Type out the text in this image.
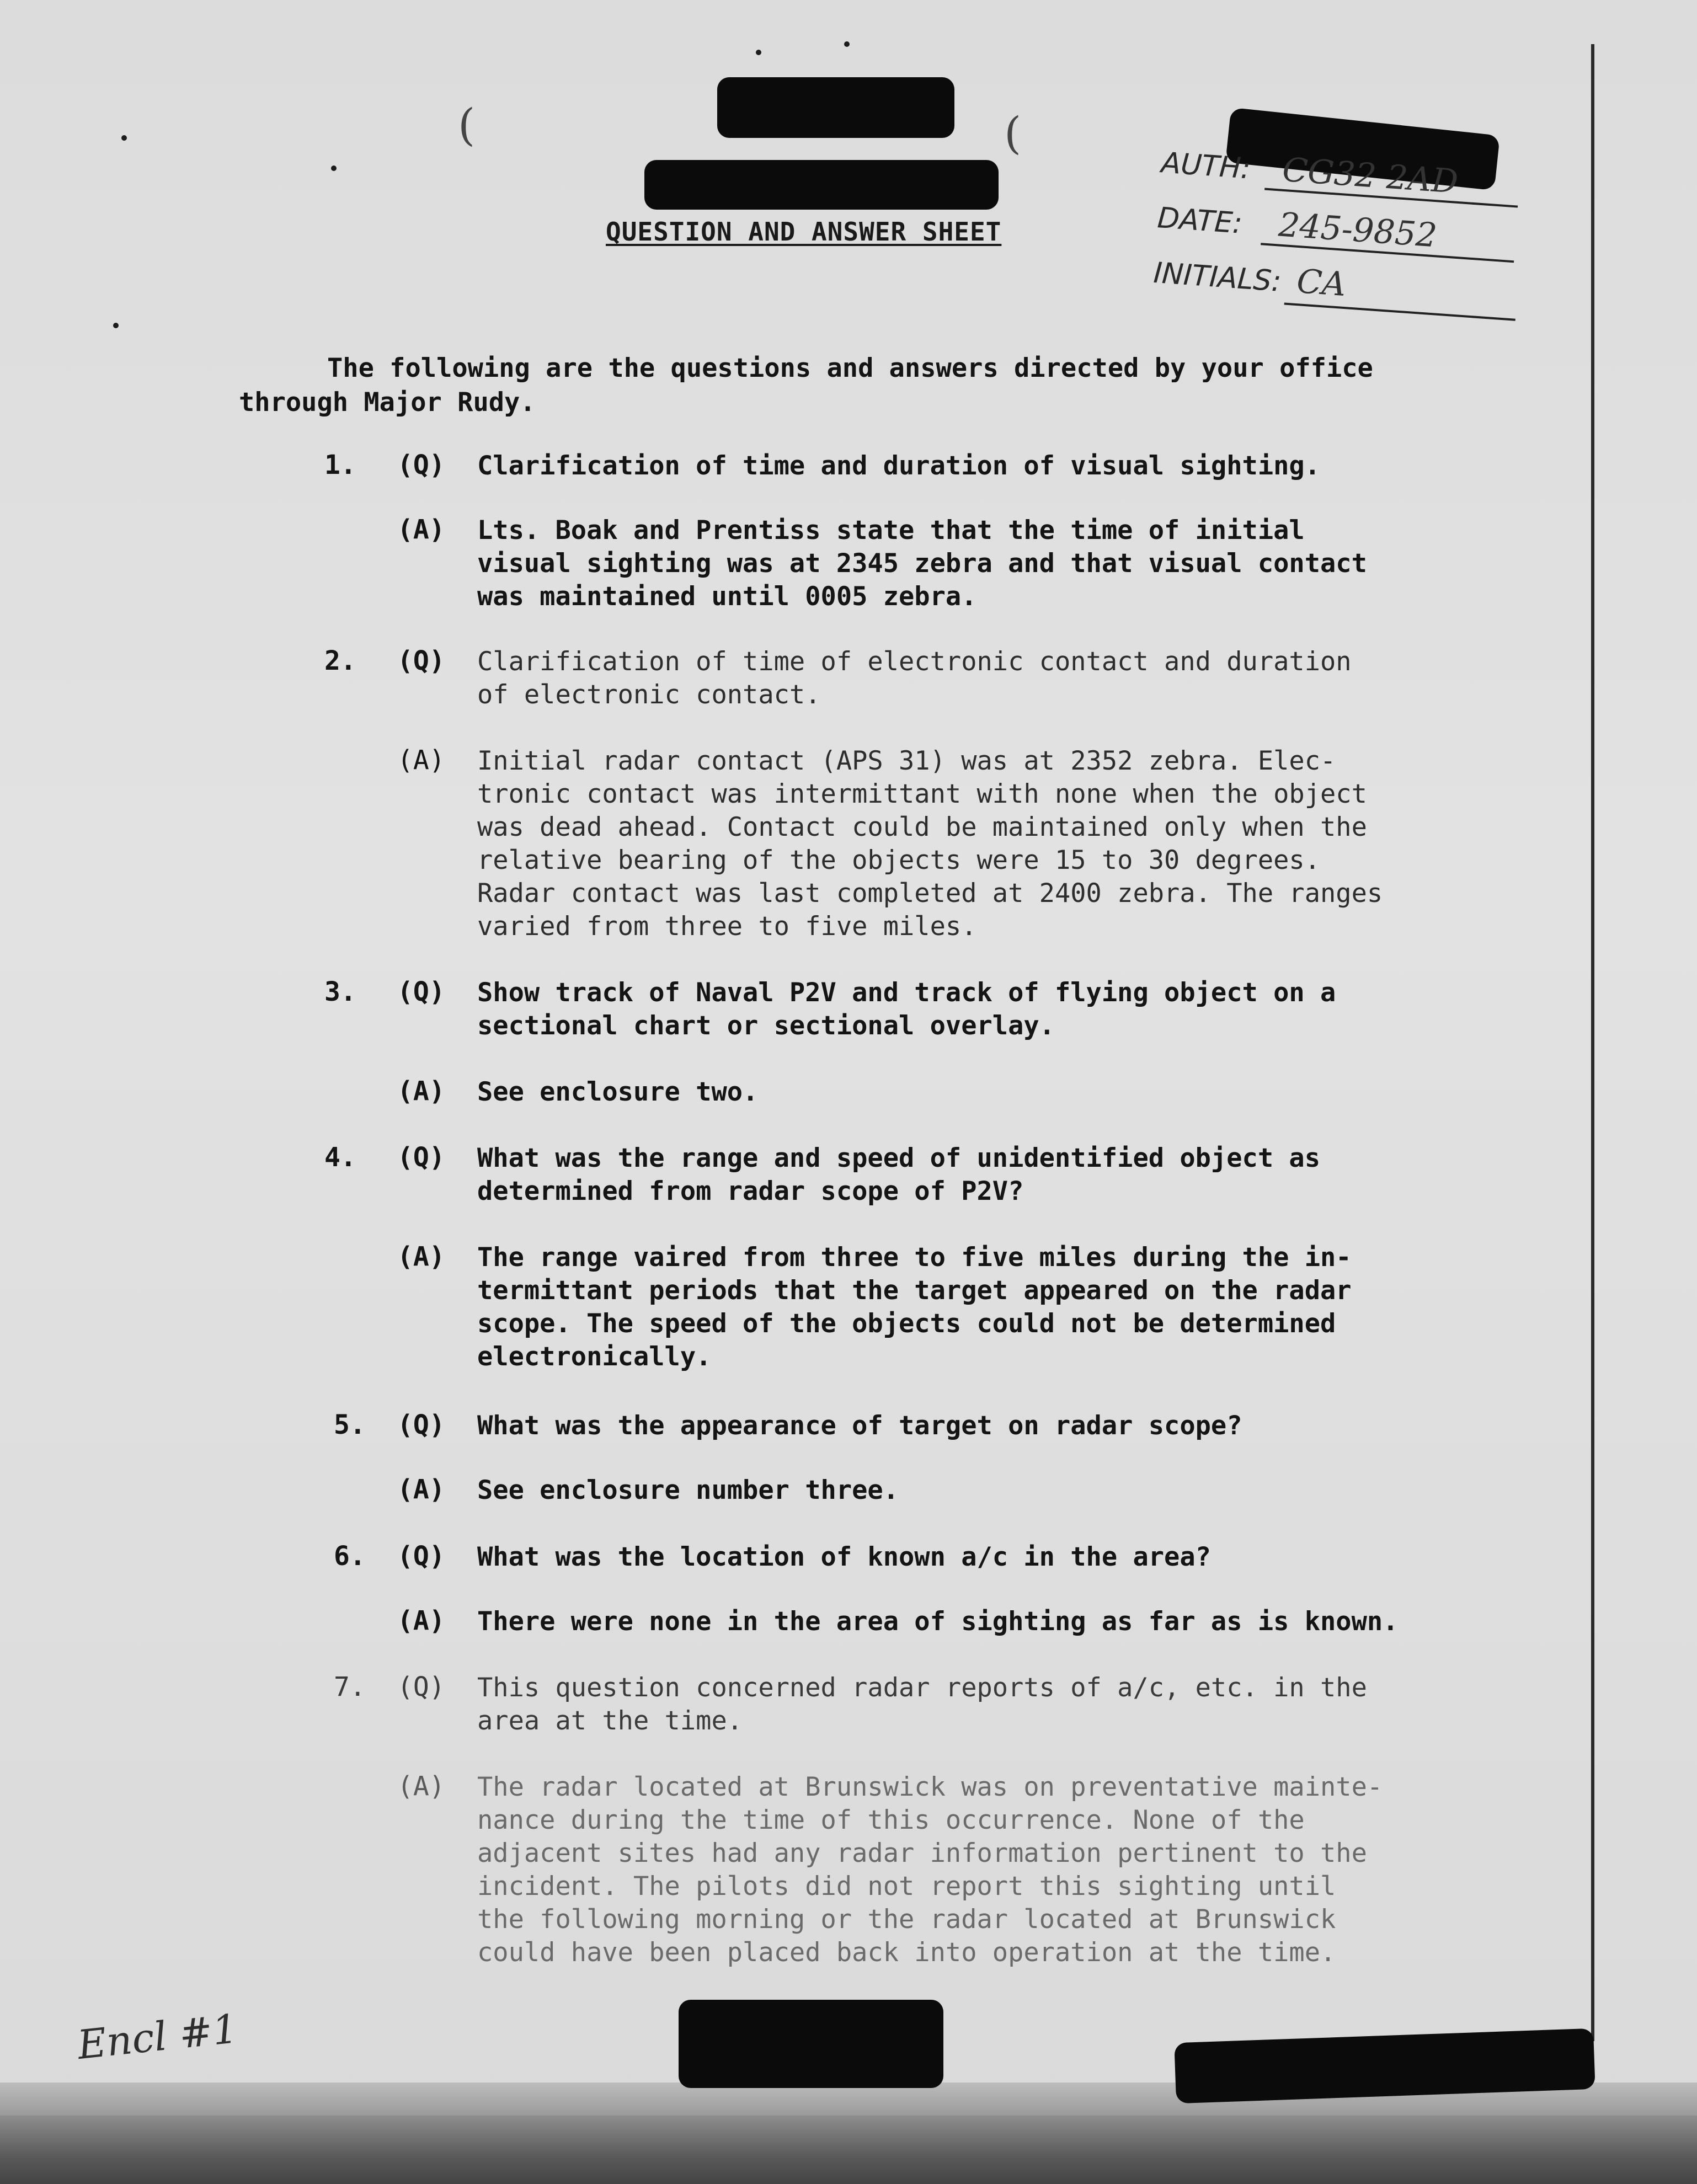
(	(
AUTH: CG32 2AD
DATE: 245-9852
INITIALS: CA
QUESTION AND ANSWER SHEET
The following are the questions and answers directed by your office
through Major Rudy.
1. (Q) Clarification of time and duration of visual sighting.
(A) Lts. Boak and Prentiss state that the time of initial
visual sighting was at 2345 zebra and that visual contact
was maintained until 0005 zebra.
2. (Q) Clarification of time of electronic contact and duration
of electronic contact.
(A) Initial radar contact (APS 31) was at 2352 zebra. Elec-
tronic contact was intermittant with none when the object
was dead ahead. Contact could be maintained only when the
relative bearing of the objects were 15 to 30 degrees.
Radar contact was last completed at 2400 zebra. The ranges
varied from three to five miles.
3. (Q) Show track of Naval P2V and track of flying object on a
sectional chart or sectional overlay.
(A) See enclosure two.
4. (Q) What was the range and speed of unidentified object as
determined from radar scope of P2V?
(A) The range vaired from three to five miles during the in-
termittant periods that the target appeared on the radar
scope. The speed of the objects could not be determined
electronically.
5. (Q) What was the appearance of target on radar scope?
(A) See enclosure number three.
6. (Q) What was the location of known a/c in the area?
(A) There were none in the area of sighting as far as is known.
7. (Q) This question concerned radar reports of a/c, etc. in the
area at the time.
(A) The radar located at Brunswick was on preventative mainte-
nance during the time of this occurrence. None of the
adjacent sites had any radar information pertinent to the
incident. The pilots did not report this sighting until
the following morning or the radar located at Brunswick
could have been placed back into operation at the time.
Encl #1
